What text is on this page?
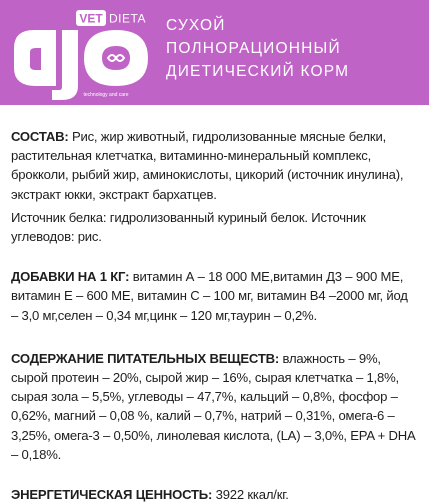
VET DIETA
technology and care
СУХОЙ
ПОЛНОРАЦИОННЫЙ
ДИЕТИЧЕСКИЙ КОРМ

СОСТАВ: Рис, жир животный, гидролизованные мясные белки, растительная клетчатка, витаминно-минеральный комплекс, брокколи, рыбий жир, аминокислоты, цикорий (источник инулина), экстракт юкки, экстракт бархатцев.

Источник белка: гидролизованный куриный белок. Источник углеводов: рис.

ДОБАВКИ НА 1 КГ: витамин А – 18 000 МЕ,витамин Д3 – 900 МЕ, витамин Е – 600 МЕ, витамин С – 100 мг, витамин В4 –2000 мг, йод – 3,0 мг,селен – 0,34 мг,цинк – 120 мг,таурин – 0,2%.

СОДЕРЖАНИЕ ПИТАТЕЛЬНЫХ ВЕЩЕСТВ: влажность – 9%, сырой протеин – 20%, сырой жир – 16%, сырая клетчатка – 1,8%, сырая зола – 5,5%, углеводы – 47,7%, кальций – 0,8%, фосфор – 0,62%, магний – 0,08 %, калий – 0,7%, натрий – 0,31%, омега-6 – 3,25%, омега-3 – 0,50%, линолевая кислота, (LA) – 3,0%, EPA + DHA – 0,18%.

ЭНЕРГЕТИЧЕСКАЯ ЦЕННОСТЬ: 3922 ккал/кг.
